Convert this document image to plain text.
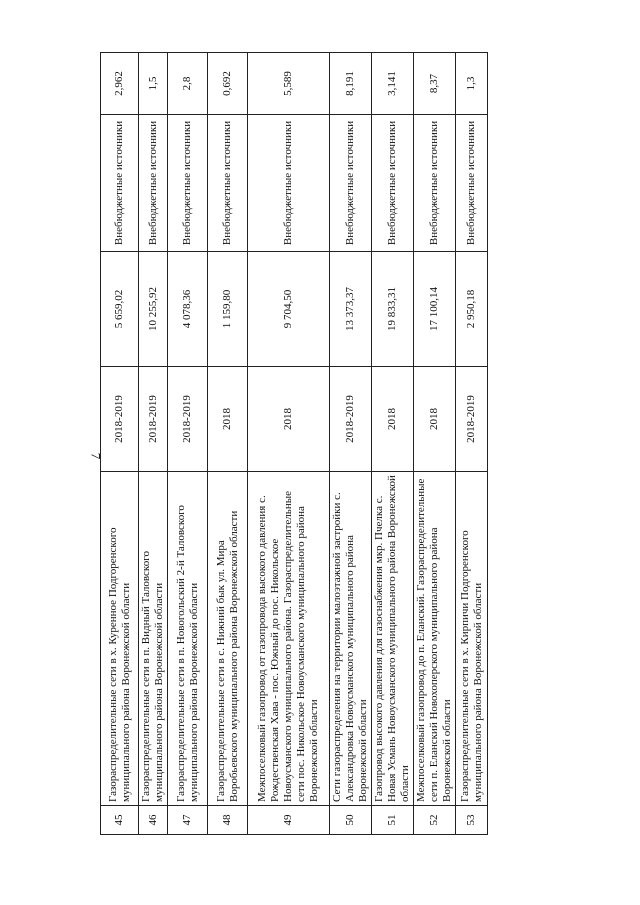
7
45	Газораспределительные сети в х. Куренное Подгоренского муниципального района Воронежской области	2018-2019	5 659,02	Внебюджетные источники	2,962
46	Газораспределительные сети в п. Видный Таловского муниципального района Воронежской области	2018-2019	10 255,92	Внебюджетные источники	1,5
47	Газораспределительные сети в п. Новогольский 2-й Таловского муниципального района Воронежской области	2018-2019	4 078,36	Внебюджетные источники	2,8
48	Газораспределительные сети в с. Нижний бык ул. Мира Воробьевского муниципального района Воронежской области	2018	1 159,80	Внебюджетные источники	0,692
49	Межпоселковый газопровод от газопровода высокого давления с. Рождественская Хава - пос. Южный до пос. Никольское Новоусманского муниципального района. Газораспределительные сети пос. Никольское Новоусманского муниципального района Воронежской области	2018	9 704,50	Внебюджетные источники	5,589
50	Сети газораспределения на территории малоэтажной застройки с. Александровка Новоусманского муниципального района Воронежской области	2018-2019	13 373,37	Внебюджетные источники	8,191
51	Газопровод высокого давления для газоснабжения мкр. Пчелка с. Новая Усмань Новоусманского муниципального района Воронежской области	2018	19 833,31	Внебюджетные источники	3,141
52	Межпоселковый газопровод до п. Еланский. Газораспределительные сети п. Еланский Новохоперского муниципального района Воронежской области	2018	17 100,14	Внебюджетные источники	8,37
53	Газораспределительные сети в х. Кирпичи Подгоренского муниципального района Воронежской области	2018-2019	2 950,18	Внебюджетные источники	1,3
